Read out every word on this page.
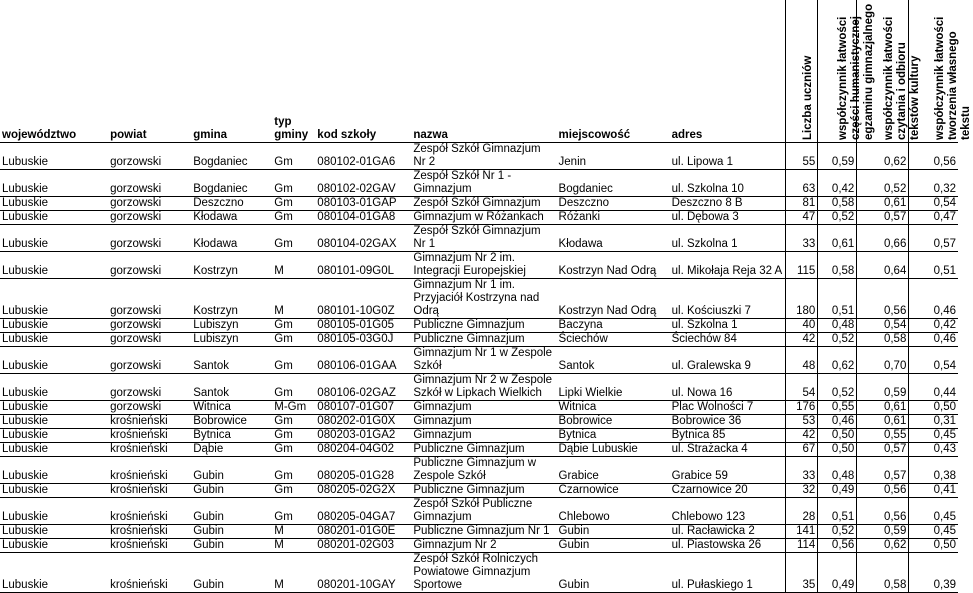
województwo	powiat	gmina	typ gminy	kod szkoły	nazwa	miejscowość	adres	Liczba uczniów	współczynnik łatwości części humanistycznej egzaminu gimnazjalnego	współczynnik łatwości czytania i odbioru tekstów kultury	współczynnik łatwości tworzenia własnego tekstu

Lubuskie	gorzowski	Bogdaniec	Gm	080102-01GA6	Zespół Szkół Gimnazjum Nr 2	Jenin	ul. Lipowa 1	55	0,59	0,62	0,56
Lubuskie	gorzowski	Bogdaniec	Gm	080102-02GAV	Zespół Szkół Nr 1 - Gimnazjum	Bogdaniec	ul. Szkolna 10	63	0,42	0,52	0,32
Lubuskie	gorzowski	Deszczno	Gm	080103-01GAP	Zespół Szkół Gimnazjum	Deszczno	Deszczno 8 B	81	0,58	0,61	0,54
Lubuskie	gorzowski	Kłodawa	Gm	080104-01GA8	Gimnazjum w Różankach	Różanki	ul. Dębowa 3	47	0,52	0,57	0,47
Lubuskie	gorzowski	Kłodawa	Gm	080104-02GAX	Zespół Szkół Gimnazjum Nr 1	Kłodawa	ul. Szkolna 1	33	0,61	0,66	0,57
Lubuskie	gorzowski	Kostrzyn	M	080101-09G0L	Gimnazjum Nr 2 im. Integracji Europejskiej	Kostrzyn Nad Odrą	ul. Mikołaja Reja 32 A	115	0,58	0,64	0,51
Lubuskie	gorzowski	Kostrzyn	M	080101-10G0Z	Gimnazjum Nr 1 im. Przyjaciół Kostrzyna nad Odrą	Kostrzyn Nad Odrą	ul. Kościuszki 7	180	0,51	0,56	0,46
Lubuskie	gorzowski	Lubiszyn	Gm	080105-01G05	Publiczne Gimnazjum	Baczyna	ul. Szkolna 1	40	0,48	0,54	0,42
Lubuskie	gorzowski	Lubiszyn	Gm	080105-03G0J	Publiczne Gimnazjum	Ściechów	Ściechów 84	42	0,52	0,58	0,46
Lubuskie	gorzowski	Santok	Gm	080106-01GAA	Gimnazjum Nr 1 w Zespole Szkół	Santok	ul. Gralewska 9	48	0,62	0,70	0,54
Lubuskie	gorzowski	Santok	Gm	080106-02GAZ	Gimnazjum Nr 2 w Zespole Szkół w Lipkach Wielkich	Lipki Wielkie	ul. Nowa 16	54	0,52	0,59	0,44
Lubuskie	gorzowski	Witnica	M-Gm	080107-01G07	Gimnazjum	Witnica	Plac Wolności 7	176	0,55	0,61	0,50
Lubuskie	krośnieński	Bobrowice	Gm	080202-01G0X	Gimnazjum	Bobrowice	Bobrowice 36	53	0,46	0,61	0,31
Lubuskie	krośnieński	Bytnica	Gm	080203-01GA2	Gimnazjum	Bytnica	Bytnica 85	42	0,50	0,55	0,45
Lubuskie	krośnieński	Dąbie	Gm	080204-04G02	Publiczne Gimnazjum	Dąbie Lubuskie	ul. Strażacka 4	67	0,50	0,57	0,43
Lubuskie	krośnieński	Gubin	Gm	080205-01G28	Publiczne Gimnazjum w Zespole Szkół	Grabice	Grabice 59	33	0,48	0,57	0,38
Lubuskie	krośnieński	Gubin	Gm	080205-02G2X	Publiczne Gimnazjum	Czarnowice	Czarnowice 20	32	0,49	0,56	0,41
Lubuskie	krośnieński	Gubin	Gm	080205-04GA7	Zespół Szkół Publiczne Gimnazjum	Chlebowo	Chlebowo 123	28	0,51	0,56	0,45
Lubuskie	krośnieński	Gubin	M	080201-01G0E	Publiczne Gimnazjum Nr 1	Gubin	ul. Racławicka 2	141	0,52	0,59	0,45
Lubuskie	krośnieński	Gubin	M	080201-02G03	Gimnazjum Nr 2	Gubin	ul. Piastowska 26	114	0,56	0,62	0,50
Lubuskie	krośnieński	Gubin	M	080201-10GAY	Zespół Szkół Rolniczych Powiatowe Gimnazjum Sportowe	Gubin	ul. Pułaskiego 1	35	0,49	0,58	0,39
